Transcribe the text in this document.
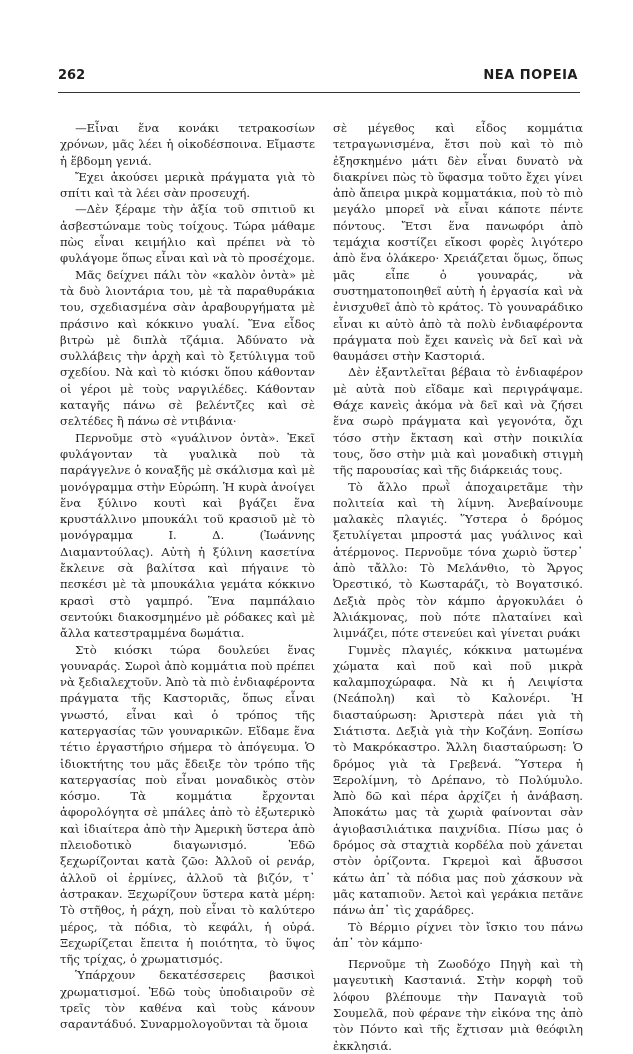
262	ΝΕΑ ΠΟΡΕΙΑ

—Εἶναι ἕνα κονάκι τετρακοσίων χρόνων, μᾶς λέει ἡ οἰκοδέσποινα. Εἴμαστε ἡ ἕβδομη γενιά.

Ἔχει ἀκούσει μερικὰ πράγματα γιὰ τὸ σπίτι καὶ τὰ λέει σὰν προσευχή.

—Δὲν ξέραμε τὴν ἀξία τοῦ σπιτιοῦ κι ἀσβεστώναμε τοὺς τοίχους. Τώρα μάθαμε πὼς εἶναι κειμήλιο καὶ πρέπει νὰ τὸ φυλάγομε ὅπως εἶναι καὶ νὰ τὸ προσέχομε.

Μᾶς δείχνει πάλι τὸν «καλὸν ὀντὰ» μὲ τὰ δυὸ λιοντάρια του, μὲ τὰ παραθυράκια του, σχεδιασμένα σὰν ἀραβουργήματα μὲ πράσινο καὶ κόκκινο γυαλί. Ἕνα εἶδος βιτρὼ μὲ διπλὰ τζάμια. Ἀδύνατο νὰ συλλάβεις τὴν ἀρχὴ καὶ τὸ ξετύλιγμα τοῦ σχεδίου. Νὰ καὶ τὸ κιόσκι ὅπου κάθονταν οἱ γέροι μὲ τοὺς ναργιλέδες. Κάθονταν καταγῆς πάνω σὲ βελέντζες καὶ σὲ σελτέδες ἢ πάνω σὲ ντιβάνια·

Περνοῦμε στὸ «γυάλινον ὀντὰ». Ἐκεῖ φυλάγονταν τὰ γυαλικὰ ποὺ τὰ παράγγελνε ὁ κοναξῆς μὲ σκάλισμα καὶ μὲ μονόγραμμα στὴν Εὐρώπη. Ἡ κυρὰ ἀνοίγει ἕνα ξύλινο κουτὶ καὶ βγάζει ἕνα κρυστάλλινο μπουκάλι τοῦ κρασιοῦ μὲ τὸ μονόγραμμα Ι. Δ. (Ἰωάννης Διαμαντούλας). Αὐτὴ ἡ ξύλινη κασετίνα ἔκλεινε σὰ βαλίτσα καὶ πήγαινε τὸ πεσκέσι μὲ τὰ μπουκάλια γεμάτα κόκκινο κρασὶ στὸ γαμπρό. Ἕνα παμπάλαιο σεντούκι διακοσμημένο μὲ ρόδακες καὶ μὲ ἄλλα κατεστραμμένα δωμάτια.

Στὸ κιόσκι τώρα δουλεύει ἕνας γουναράς. Σωροὶ ἀπὸ κομμάτια ποὺ πρέπει νὰ ξεδιαλεχτοῦν. Ἀπὸ τὰ πιὸ ἐνδιαφέροντα πράγματα τῆς Καστοριᾶς, ὅπως εἶναι γνωστό, εἶναι καὶ ὁ τρόπος τῆς κατεργασίας τῶν γουναρικῶν. Εἴδαμε ἕνα τέτιο ἐργαστήριο σήμερα τὸ ἀπόγευμα. Ὁ ἰδιοκτήτης του μᾶς ἔδειξε τὸν τρόπο τῆς κατεργασίας ποὺ εἶναι μοναδικὸς στὸν κόσμο. Τὰ κομμάτια ἔρχονται ἀφορολόγητα σὲ μπάλες ἀπὸ τὸ ἐξωτερικὸ καὶ ἰδιαίτερα ἀπὸ τὴν Ἀμερικὴ ὕστερα ἀπὸ πλειοδοτικὸ διαγωνισμό. Ἐδῶ ξεχωρίζονται κατὰ ζῶο: Ἀλλοῦ οἱ ρενάρ, ἀλλοῦ οἱ ἑρμίνες, ἀλλοῦ τὰ βιζόν, τ᾽ ἀστρακαν. Ξεχωρίζουν ὕστερα κατὰ μέρη: Τὸ στῆθος, ἡ ράχη, ποὺ εἶναι τὸ καλύτερο μέρος, τὰ πόδια, τὸ κεφάλι, ἡ οὐρά. Ξεχωρίζεται ἔπειτα ἡ ποιότητα, τὸ ὕψος τῆς τρίχας, ὁ χρωματισμός.

Ὑπάρχουν δεκατέσσερεις βασικοὶ χρωματισμοί. Ἐδῶ τοὺς ὑποδιαιροῦν σὲ τρεῖς τὸν καθένα καὶ τοὺς κάνουν σαραντάδυό. Συναρμολογοῦνται τὰ ὅμοια

σὲ μέγεθος καὶ εἶδος κομμάτια τετραγωνισμένα, ἔτσι ποὺ καὶ τὸ πιὸ ἐξησκημένο μάτι δὲν εἶναι δυνατὸ νὰ διακρίνει πὼς τὸ ὕφασμα τοῦτο ἔχει γίνει ἀπὸ ἄπειρα μικρὰ κομματάκια, ποὺ τὸ πιὸ μεγάλο μπορεῖ νὰ εἶναι κάποτε πέντε πόντους. Ἔτσι ἕνα πανωφόρι ἀπὸ τεμάχια κοστίζει εἴκοσι φορὲς λιγότερο ἀπὸ ἕνα ὁλάκερο· Χρειάζεται ὅμως, ὅπως μᾶς εἶπε ὁ γουναράς, νὰ συστηματοποιηθεῖ αὐτὴ ἡ ἐργασία καὶ νὰ ἐνισχυθεῖ ἀπὸ τὸ κράτος. Τὸ γουναράδικο εἶναι κι αὐτὸ ἀπὸ τὰ πολὺ ἐνδιαφέροντα πράγματα ποὺ ἔχει κανεὶς νὰ δεῖ καὶ νὰ θαυμάσει στὴν Καστοριά.

Δὲν ἐξαντλεῖται βέβαια τὸ ἐνδιαφέρον μὲ αὐτὰ ποὺ εἴδαμε καὶ περιγράψαμε. Θάχε κανεὶς ἀκόμα νὰ δεῖ καὶ νὰ ζήσει ἕνα σωρὸ πράγματα καὶ γεγονότα, ὄχι τόσο στὴν ἔκταση καὶ στὴν ποικιλία τους, ὅσο στὴν μιὰ καὶ μοναδικὴ στιγμὴ τῆς παρουσίας καὶ τῆς διάρκειάς τους.

Τὸ ἄλλο πρωῒ ἀποχαιρετᾶμε τὴν πολιτεία καὶ τὴ λίμνη. Ἀνεβαίνουμε μαλακὲς πλαγιές. Ὕστερα ὁ δρόμος ξετυλίγεται μπροστά μας γυάλινος καὶ ἀτέρμονος. Περνοῦμε τόνα χωριὸ ὕστερ᾽ ἀπὸ τἄλλο: Τὸ Μελάνθιο, τὸ Ἄργος Ὀρεστικό, τὸ Κωσταράζι, τὸ Βογατσικό. Δεξιὰ πρὸς τὸν κάμπο ἀργοκυλάει ὁ Ἀλιάκμονας, ποὺ πότε πλαταίνει καὶ λιμνάζει, πότε στενεύει καὶ γίνεται ρυάκι

Γυμνὲς πλαγιές, κόκκινα ματωμένα χώματα καὶ ποῦ καὶ ποῦ μικρὰ καλαμποχώραφα. Νὰ κι ἡ Λειψίστα (Νεάπολη) καὶ τὸ Καλονέρι. Ἡ διασταύρωση: Ἀριστερὰ πάει γιὰ τὴ Σιάτιστα. Δεξιὰ γιὰ τὴν Κοζάνη. Ξοπίσω τὸ Μακρόκαστρο. Ἄλλη διασταύρωση: Ὁ δρόμος γιὰ τὰ Γρεβενά. Ὕστερα ἡ Ξερολίμνη, τὸ Δρέπανο, τὸ Πολύμυλο. Ἀπὸ δῶ καὶ πέρα ἀρχίζει ἡ ἀνάβαση. Ἀποκάτω μας τὰ χωριὰ φαίνονται σὰν ἁγιοβασιλιάτικα παιχνίδια. Πίσω μας ὁ δρόμος σὰ σταχτιὰ κορδέλα ποὺ χάνεται στὸν ὁρίζοντα. Γκρεμοὶ καὶ ἄβυσσοι κάτω ἀπ᾽ τὰ πόδια μας ποὺ χάσκουν νὰ μᾶς καταπιοῦν. Ἀετοὶ καὶ γεράκια πετᾶνε πάνω ἀπ᾽ τὶς χαράδρες.

Τὸ Βέρμιο ρίχνει τὸν ἴσκιο του πάνω ἀπ᾽ τὸν κάμπο·

Περνοῦμε τὴ Ζωοδόχο Πηγὴ καὶ τὴ μαγευτικὴ Καστανιά. Στὴν κορφὴ τοῦ λόφου βλέπουμε τὴν Παναγιὰ τοῦ Σουμελᾶ, ποὺ φέρανε τὴν εἰκόνα της ἀπὸ τὸν Πόντο καὶ τῆς ἔχτισαν μιὰ θεόφιλη ἐκκλησιά.
